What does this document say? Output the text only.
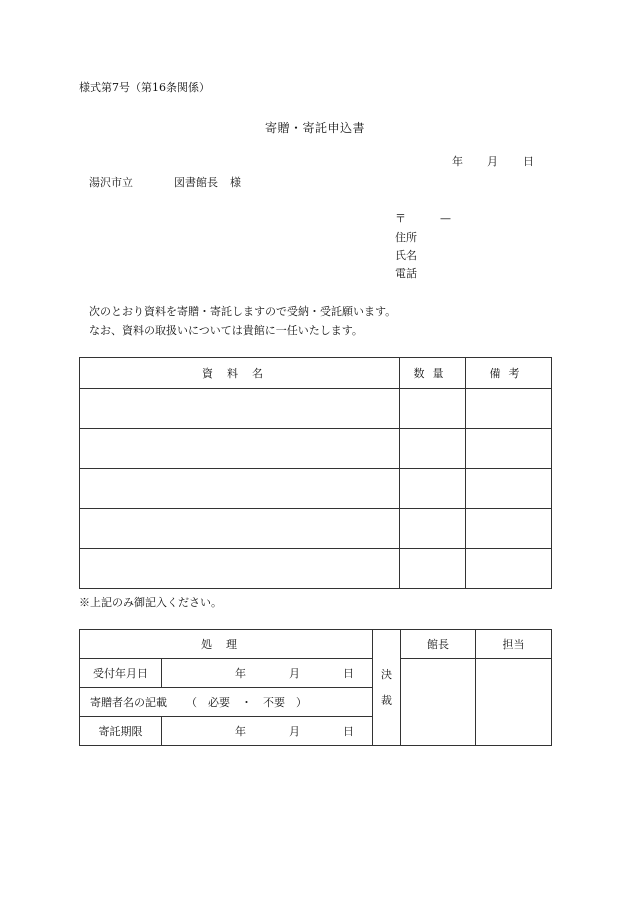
様式第7号（第16条関係）
寄贈・寄託申込書
年 月 日
湯沢市立	図書館長 様
〒	—
住所
氏名
電話
次のとおり資料を寄贈・寄託しますので受納・受託願います。
なお、資料の取扱いについては貴館に一任いたします。
資料名	数量	備考

※上記のみ御記入ください。
処理		決裁	館長	担当
受付年月日	年 月 日			
寄贈者名の記載 （　必要　・　不要　）				
寄託期限	年 月 日			
